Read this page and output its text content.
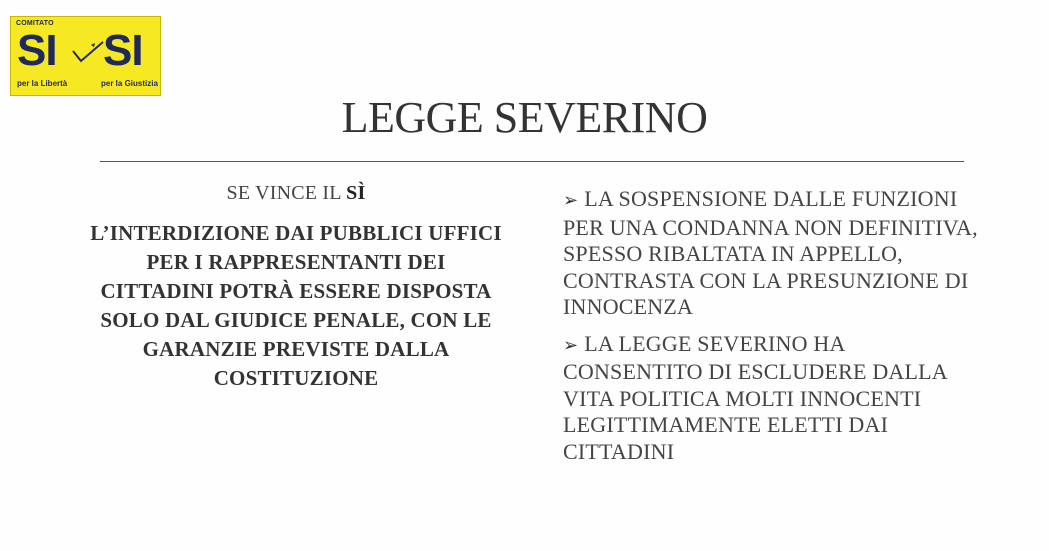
COMITATO
SI SI
per la Libertà	per la Giustizia
LEGGE SEVERINO

SE VINCE IL SÌ

L’INTERDIZIONE DAI PUBBLICI UFFICI PER I RAPPRESENTANTI DEI CITTADINI POTRÀ ESSERE DISPOSTA SOLO DAL GIUDICE PENALE, CON LE GARANZIE PREVISTE DALLA COSTITUZIONE

➢ LA SOSPENSIONE DALLE FUNZIONI PER UNA CONDANNA NON DEFINITIVA, SPESSO RIBALTATA IN APPELLO, CONTRASTA CON LA PRESUNZIONE DI INNOCENZA

➢ LA LEGGE SEVERINO HA CONSENTITO DI ESCLUDERE DALLA VITA POLITICA MOLTI INNOCENTI LEGITTIMAMENTE ELETTI DAI CITTADINI
